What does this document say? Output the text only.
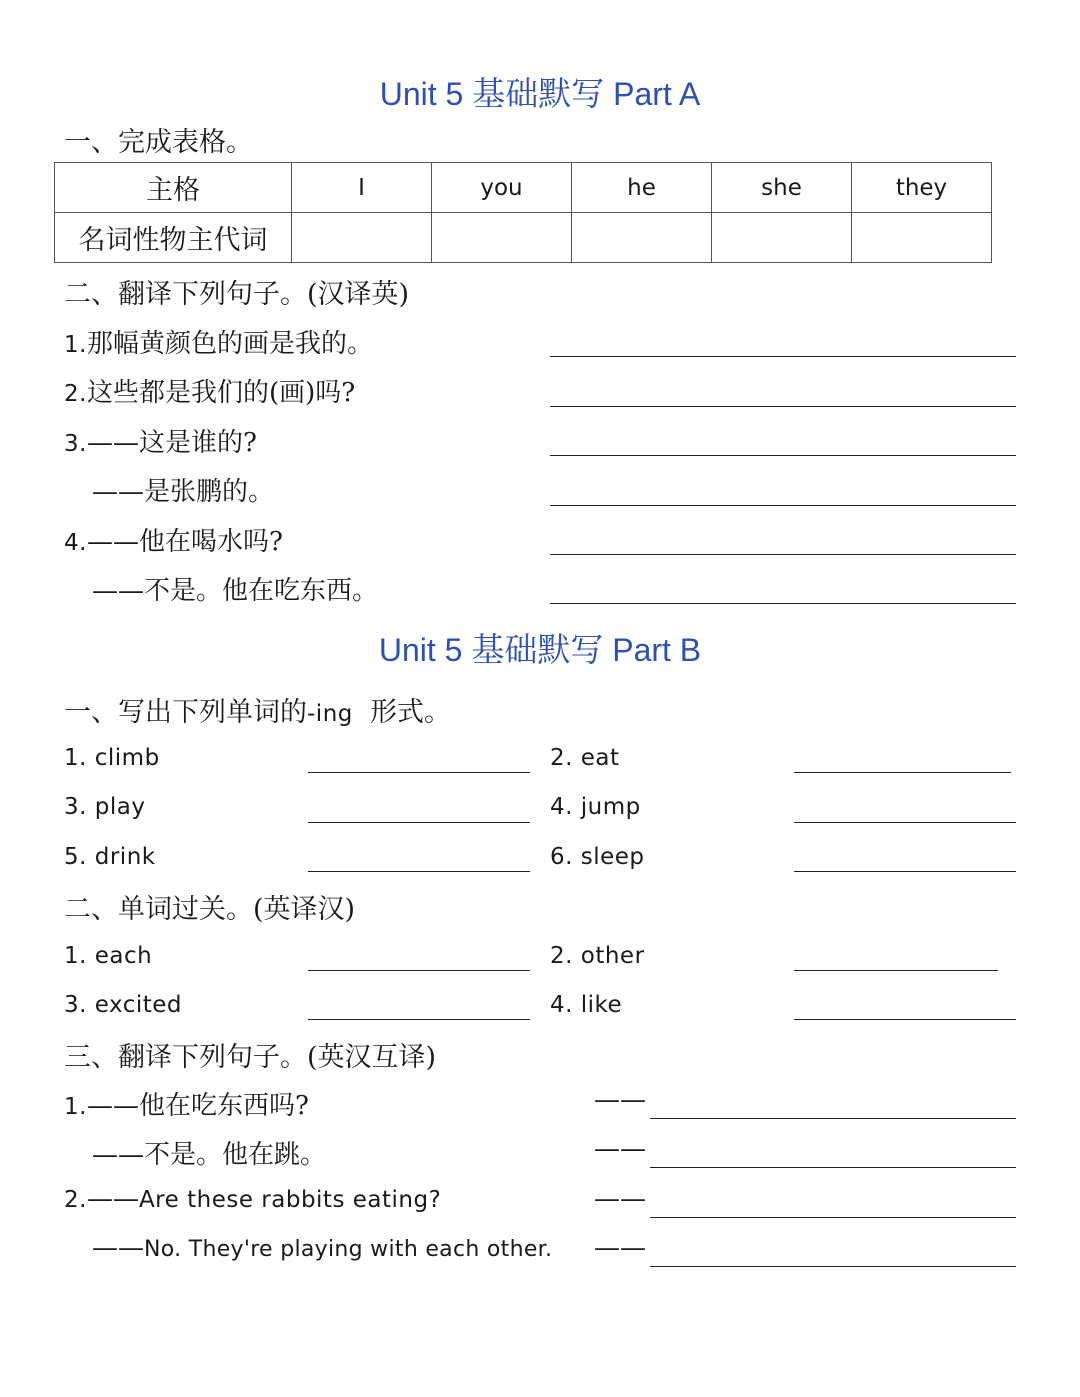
Unit 5 基础默写 Part A
一、完成表格。
主格	I	you	he	she	they
名词性物主代词					
二、翻译下列句子。(汉译英)
1.那幅黄颜色的画是我的。
2.这些都是我们的(画)吗?
3.——这是谁的?
——是张鹏的。
4.——他在喝水吗?
——不是。他在吃东西。
Unit 5 基础默写 Part B
一、写出下列单词的-ing 形式。
1. climb	2. eat
3. play	4. jump
5. drink	6. sleep
二、单词过关。(英译汉)
1. each	2. other
3. excited	4. like
三、翻译下列句子。(英汉互译)
1.——他在吃东西吗?	——
——不是。他在跳。	——
2.——Are these rabbits eating?	——
——No. They're playing with each other. ——
